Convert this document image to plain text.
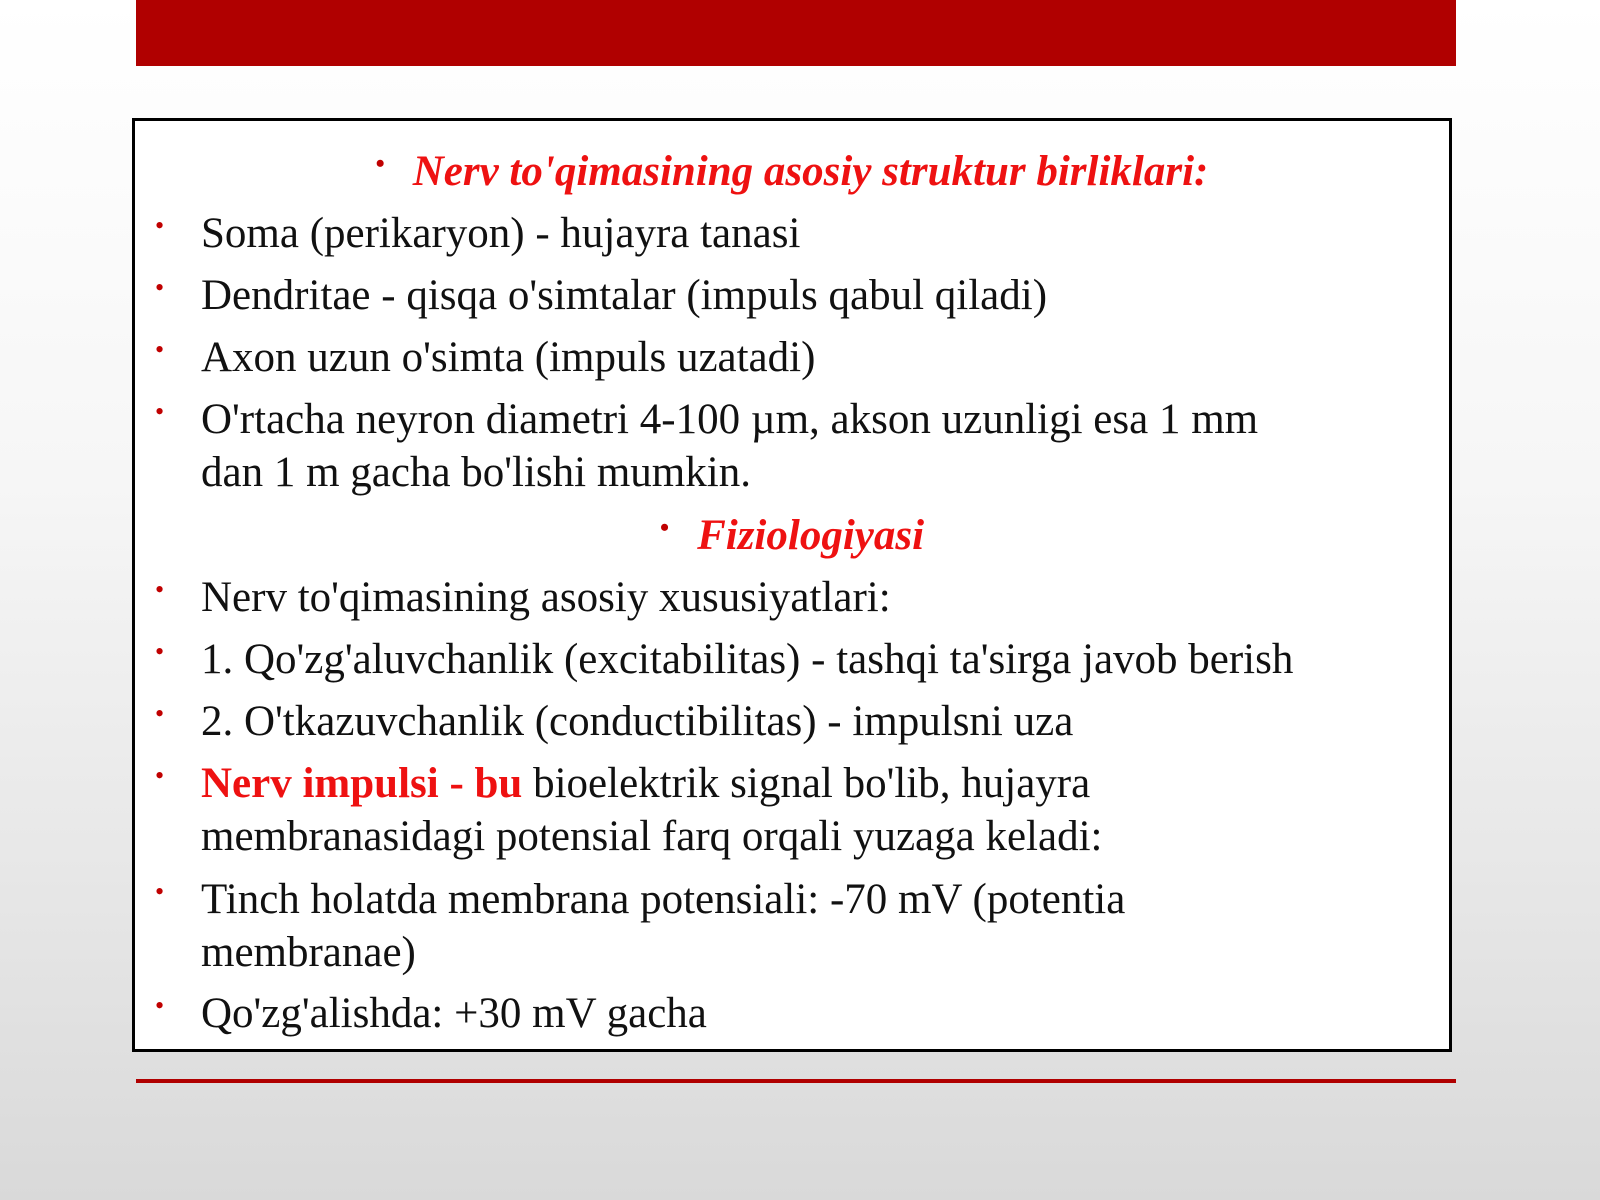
• Nerv to'qimasining asosiy struktur birliklari:
• Soma (perikaryon) - hujayra tanasi
• Dendritae - qisqa o'simtalar (impuls qabul qiladi)
• Axon uzun o'simta (impuls uzatadi)
• O'rtacha neyron diametri 4-100 µm, akson uzunligi esa 1 mm
dan 1 m gacha bo'lishi mumkin.
• Fiziologiyasi
• Nerv to'qimasining asosiy xususiyatlari:
• 1. Qo'zg'aluvchanlik (excitabilitas) - tashqi ta'sirga javob berish
• 2. O'tkazuvchanlik (conductibilitas) - impulsni uza
• Nerv impulsi - bu bioelektrik signal bo'lib, hujayra
membranasidagi potensial farq orqali yuzaga keladi:
• Tinch holatda membrana potensiali: -70 mV (potentia
membranae)
• Qo'zg'alishda: +30 mV gacha
